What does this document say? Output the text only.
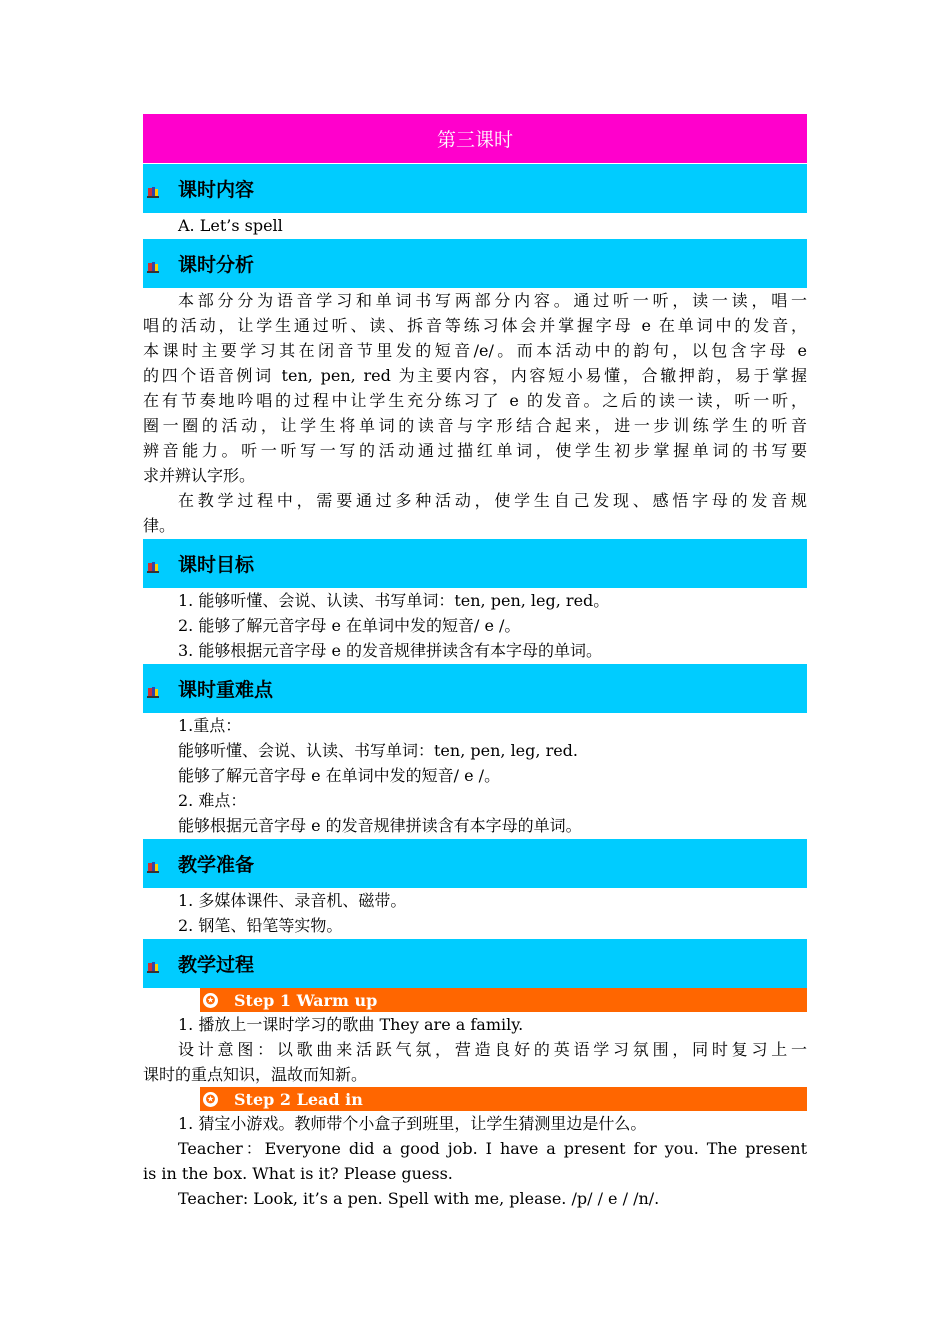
第三课时
课时内容
A. Let’s spell
课时分析
本部分分为语音学习和单词书写两部分内容。通过听一听，读一读，唱一
唱的活动，让学生通过听、读、拆音等练习体会并掌握字母 e 在单词中的发音，
本课时主要学习其在闭音节里发的短音/e/。而本活动中的韵句，以包含字母 e
的四个语音例词 ten, pen, red 为主要内容，内容短小易懂，合辙押韵，易于掌握
在有节奏地吟唱的过程中让学生充分练习了 e 的发音。之后的读一读，听一听，
圈一圈的活动，让学生将单词的读音与字形结合起来，进一步训练学生的听音
辨音能力。听一听写一写的活动通过描红单词，使学生初步掌握单词的书写要
求并辨认字形。
在教学过程中，需要通过多种活动，使学生自己发现、感悟字母的发音规
律。
课时目标
1. 能够听懂、会说、认读、书写单词：ten, pen, leg, red。
2. 能够了解元音字母 e 在单词中发的短音/ e /。
3. 能够根据元音字母 e 的发音规律拼读含有本字母的单词。
课时重难点
1.重点：
能够听懂、会说、认读、书写单词：ten, pen, leg, red.
能够了解元音字母 e 在单词中发的短音/ e /。
2. 难点：
能够根据元音字母 e 的发音规律拼读含有本字母的单词。
教学准备
1. 多媒体课件、录音机、磁带。
2. 钢笔、铅笔等实物。
教学过程
✪ Step 1 Warm up
1. 播放上一课时学习的歌曲 They are a family.
设计意图：以歌曲来活跃气氛，营造良好的英语学习氛围，同时复习上一
课时的重点知识，温故而知新。
✪ Step 2 Lead in
1. 猜宝小游戏。教师带个小盒子到班里，让学生猜测里边是什么。
Teacher：Everyone did a good job. I have a present for you. The present
is in the box. What is it? Please guess.
Teacher: Look, it’s a pen. Spell with me, please. /p/ / e / /n/.
